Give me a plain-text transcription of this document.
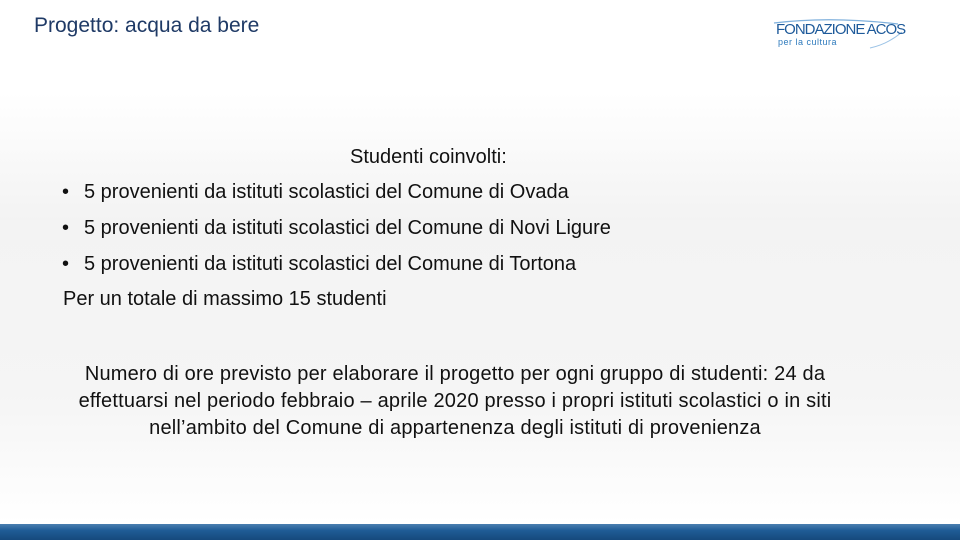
Progetto: acqua da bere	FONDAZIONE ACOS
per la cultura

Studenti coinvolti:

• 5 provenienti da istituti scolastici del Comune di Ovada
• 5 provenienti da istituti scolastici del Comune di Novi Ligure
• 5 provenienti da istituti scolastici del Comune di Tortona

Per un totale di massimo 15 studenti

Numero di ore previsto per elaborare il progetto per ogni gruppo di studenti: 24 da effettuarsi nel periodo febbraio – aprile 2020 presso i propri istituti scolastici o in siti nell’ambito del Comune di appartenenza degli istituti di provenienza
